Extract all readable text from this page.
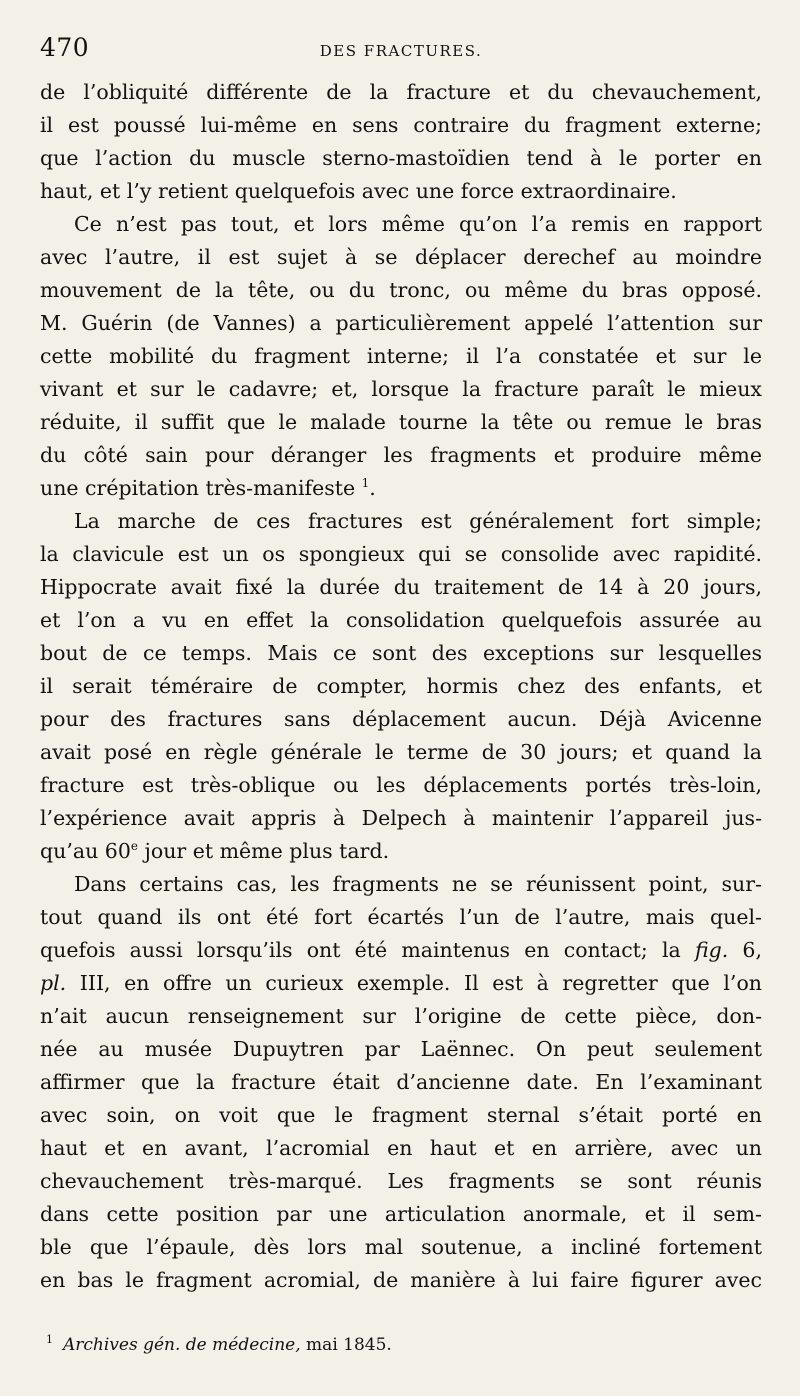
470	DES FRACTURES.
de l’obliquité différente de la fracture et du chevauchement,
il est poussé lui-même en sens contraire du fragment externe;
que l’action du muscle sterno-mastoïdien tend à le porter en
haut, et l’y retient quelquefois avec une force extraordinaire.
Ce n’est pas tout, et lors même qu’on l’a remis en rapport
avec l’autre, il est sujet à se déplacer derechef au moindre
mouvement de la tête, ou du tronc, ou même du bras opposé.
M. Guérin (de Vannes) a particulièrement appelé l’attention sur
cette mobilité du fragment interne; il l’a constatée et sur le
vivant et sur le cadavre; et, lorsque la fracture paraît le mieux
réduite, il suffit que le malade tourne la tête ou remue le bras
du côté sain pour déranger les fragments et produire même
une crépitation très-manifeste $^1$.
La marche de ces fractures est généralement fort simple;
la clavicule est un os spongieux qui se consolide avec rapidité.
Hippocrate avait fixé la durée du traitement de 14 à 20 jours,
et l’on a vu en effet la consolidation quelquefois assurée au
bout de ce temps. Mais ce sont des exceptions sur lesquelles
il serait téméraire de compter, hormis chez des enfants, et
pour des fractures sans déplacement aucun. Déjà Avicenne
avait posé en règle générale le terme de 30 jours; et quand la
fracture est très-oblique ou les déplacements portés très-loin,
l’expérience avait appris à Delpech à maintenir l’appareil jus-
qu’au 60e jour et même plus tard.
Dans certains cas, les fragments ne se réunissent point, sur-
tout quand ils ont été fort écartés l’un de l’autre, mais quel-
quefois aussi lorsqu’ils ont été maintenus en contact; la fig. 6,
pl. III, en offre un curieux exemple. Il est à regretter que l’on
n’ait aucun renseignement sur l’origine de cette pièce, don-
née au musée Dupuytren par Laënnec. On peut seulement
affirmer que la fracture était d’ancienne date. En l’examinant
avec soin, on voit que le fragment sternal s’était porté en
haut et en avant, l’acromial en haut et en arrière, avec un
chevauchement très-marqué. Les fragments se sont réunis
dans cette position par une articulation anormale, et il sem-
ble que l’épaule, dès lors mal soutenue, a incliné fortement
en bas le fragment acromial, de manière à lui faire figurer avec
$^1$ Archives gén. de médecine, mai 1845.
